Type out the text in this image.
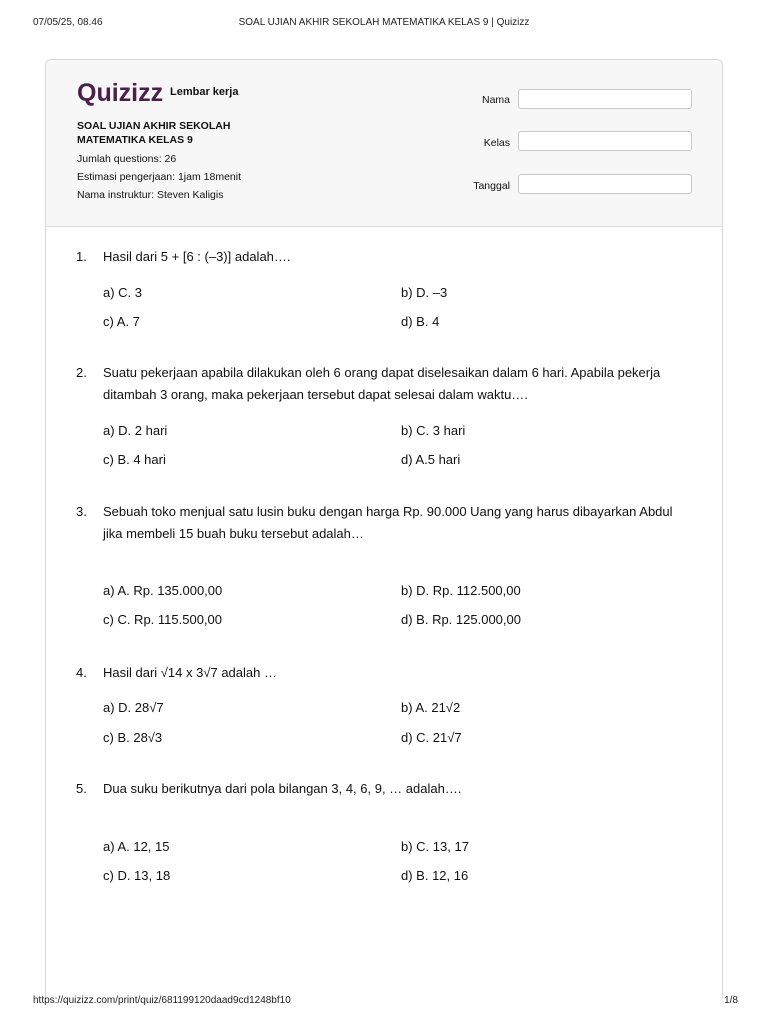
07/05/25, 08.46	SOAL UJIAN AKHIR SEKOLAH MATEMATIKA KELAS 9 | Quizizz
Quizizz Lembar kerja
SOAL UJIAN AKHIR SEKOLAH MATEMATIKA KELAS 9
Jumlah questions: 26
Estimasi pengerjaan: 1jam 18menit
Nama instruktur: Steven Kaligis
Nama
Kelas
Tanggal
1. Hasil dari 5 + [6 : (–3)] adalah….
a) C. 3	b) D. –3
c) A. 7	d) B. 4
2. Suatu pekerjaan apabila dilakukan oleh 6 orang dapat diselesaikan dalam 6 hari. Apabila pekerja ditambah 3 orang, maka pekerjaan tersebut dapat selesai dalam waktu….
a) D. 2 hari	b) C. 3 hari
c) B. 4 hari	d) A.5 hari
3. Sebuah toko menjual satu lusin buku dengan harga Rp. 90.000 Uang yang harus dibayarkan Abdul jika membeli 15 buah buku tersebut adalah…
a) A. Rp. 135.000,00	b) D. Rp. 112.500,00
c) C. Rp. 115.500,00	d) B. Rp. 125.000,00
4. Hasil dari √14 x 3√7 adalah …
a) D. 28√7	b) A. 21√2
c) B. 28√3	d) C. 21√7
5. Dua suku berikutnya dari pola bilangan 3, 4, 6, 9, … adalah….
a) A. 12, 15	b) C. 13, 17
c) D. 13, 18	d) B. 12, 16
https://quizizz.com/print/quiz/681199120daad9cd1248bf10	1/8
